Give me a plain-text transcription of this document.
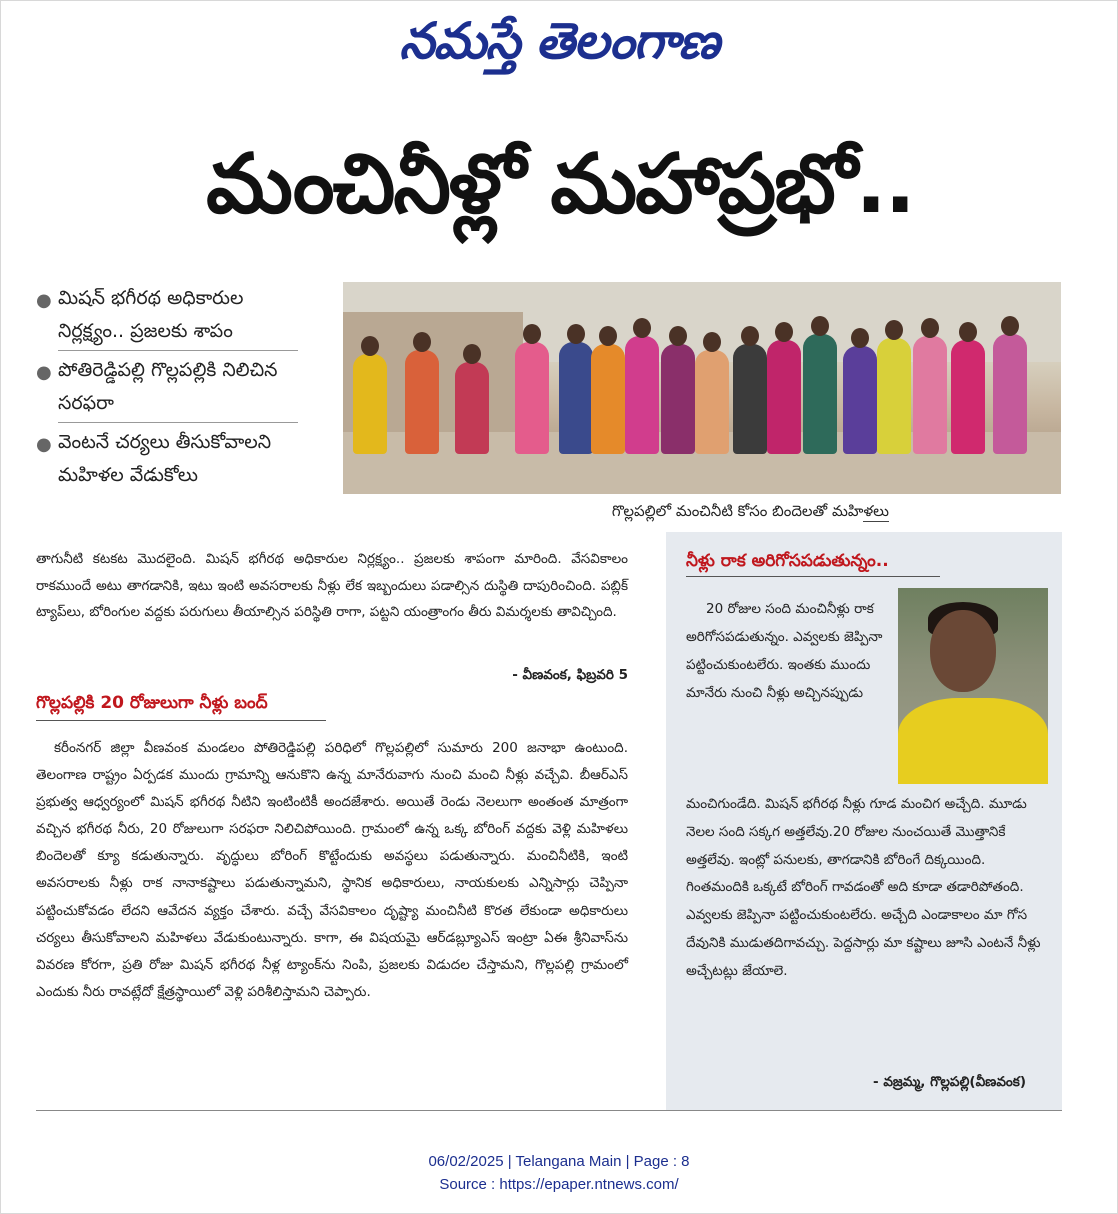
నమస్తే తెలంగాణ
మంచినీళ్లో మహాప్రభో..
● మిషన్ భగీరథ అధికారుల నిర్లక్ష్యం.. ప్రజలకు శాపం
● పోతిరెడ్డిపల్లి గొల్లపల్లికి నిలిచిన సరఫరా
● వెంటనే చర్యలు తీసుకోవాలని మహిళల వేడుకోలు
గొల్లపల్లిలో మంచినీటి కోసం బిందెలతో మహిళలు

తాగునీటి కటకట మొదలైంది. మిషన్ భగీరథ అధికారుల నిర్లక్ష్యం.. ప్రజలకు శాపంగా మారింది. వేసవికాలం రాకముందే అటు తాగడానికి, ఇటు ఇంటి అవసరాలకు నీళ్లు లేక ఇబ్బందులు పడాల్సిన దుస్థితి దాపురించింది. పబ్లిక్ ట్యాప్‌లు, బోరింగుల వద్దకు పరుగులు తీయాల్సిన పరిస్థితి రాగా, పట్టని యంత్రాంగం తీరు విమర్శలకు తావిచ్చింది.

- వీణవంక, ఫిబ్రవరి 5
గొల్లపల్లికి 20 రోజులుగా నీళ్లు బంద్

కరీంనగర్ జిల్లా వీణవంక మండలం పోతిరెడ్డిపల్లి పరిధిలో గొల్లపల్లిలో సుమారు 200 జనాభా ఉంటుంది. తెలంగాణ రాష్ట్రం ఏర్పడక ముందు గ్రామాన్ని ఆనుకొని ఉన్న మానేరువాగు నుంచి మంచి నీళ్లు వచ్చేవి. బీఆర్ఎస్ ప్రభుత్వ ఆధ్వర్యంలో మిషన్ భగీరథ నీటిని ఇంటింటికీ అందజేశారు. అయితే రెండు నెలలుగా అంతంత మాత్రంగా వచ్చిన భగీరథ నీరు, 20 రోజులుగా సరఫరా నిలిచిపోయింది. గ్రామంలో ఉన్న ఒక్క బోరింగ్ వద్దకు వెళ్లి మహిళలు బిందెలతో క్యూ కడుతున్నారు. వృద్ధులు బోరింగ్ కొట్టేందుకు అవస్థలు పడుతున్నారు. మంచినీటికి, ఇంటి అవసరాలకు నీళ్లు రాక నానాకష్టాలు పడుతున్నామని, స్థానిక అధికారులు, నాయకులకు ఎన్నిసార్లు చెప్పినా పట్టించుకోవడం లేదని ఆవేదన వ్యక్తం చేశారు. వచ్చే వేసవికాలం దృష్ట్యా మంచినీటి కొరత లేకుండా అధికారులు చర్యలు తీసుకోవాలని మహిళలు వేడుకుంటున్నారు. కాగా, ఈ విషయమై ఆర్‌డబ్ల్యూఎస్ ఇంట్రా ఏఈ శ్రీనివాస్‌ను వివరణ కోరగా, ప్రతి రోజు మిషన్ భగీరథ నీళ్ల ట్యాంక్‌ను నింపి, ప్రజలకు విడుదల చేస్తామని, గొల్లపల్లి గ్రామంలో ఎందుకు నీరు రావట్లేదో క్షేత్రస్థాయిలో వెళ్లి పరిశీలిస్తామని చెప్పారు.

నీళ్లు రాక అరిగోసపడుతున్నం..

20 రోజుల సంది మంచినీళ్లు రాక అరిగోసపడుతున్నం. ఎవ్వలకు జెప్పినా పట్టించుకుంటలేరు. ఇంతకు ముందు మానేరు నుంచి నీళ్లు అచ్చినప్పుడు

మంచిగుండేది. మిషన్ భగీరథ నీళ్లు గూడ మంచిగ అచ్చేది. మూడు నెలల సంది సక్కగ అత్తలేవు.20 రోజుల నుంచయితే మొత్తానికే అత్తలేవు. ఇంట్లో పనులకు, తాగడానికి బోరింగే దిక్కయింది. గింతమందికి ఒక్కటే బోరింగ్ గావడంతో అది కూడా తడారిపోతంది. ఎవ్వలకు జెప్పినా పట్టించుకుంటలేరు. అచ్చేది ఎండాకాలం మా గోస దేవునికి ముడుతదిగావచ్చు. పెద్దసార్లు మా కష్టాలు జూసి ఎంటనే నీళ్లు అచ్చేటట్లు జేయాలె.

- వజ్రమ్మ, గొల్లపల్లి(వీణవంక)
06/02/2025 | Telangana Main | Page : 8
Source : https://epaper.ntnews.com/
